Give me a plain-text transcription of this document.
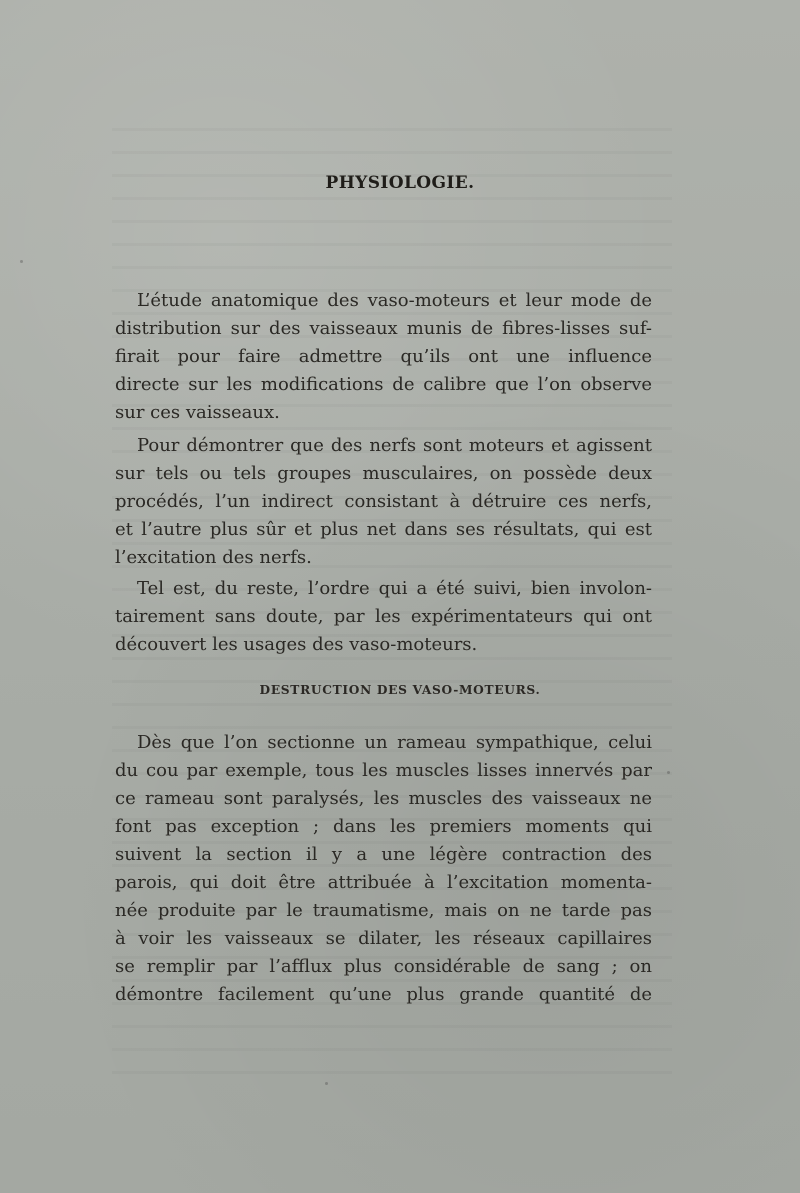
PHYSIOLOGIE.
L’étude anatomique des vaso-moteurs et leur mode de
distribution sur des vaisseaux munis de fibres-lisses suf-
firait pour faire admettre qu’ils ont une influence
directe sur les modifications de calibre que l’on observe
sur ces vaisseaux.
Pour démontrer que des nerfs sont moteurs et agissent
sur tels ou tels groupes musculaires, on possède deux
procédés, l’un indirect consistant à détruire ces nerfs,
et l’autre plus sûr et plus net dans ses résultats, qui est
l’excitation des nerfs.
Tel est, du reste, l’ordre qui a été suivi, bien involon-
tairement sans doute, par les expérimentateurs qui ont
découvert les usages des vaso-moteurs.
DESTRUCTION DES VASO-MOTEURS.
Dès que l’on sectionne un rameau sympathique, celui
du cou par exemple, tous les muscles lisses innervés par
ce rameau sont paralysés, les muscles des vaisseaux ne
font pas exception ; dans les premiers moments qui
suivent la section il y a une légère contraction des
parois, qui doit être attribuée à l’excitation momenta-
née produite par le traumatisme, mais on ne tarde pas
à voir les vaisseaux se dilater, les réseaux capillaires
se remplir par l’afflux plus considérable de sang ; on
démontre facilement qu’une plus grande quantité de
